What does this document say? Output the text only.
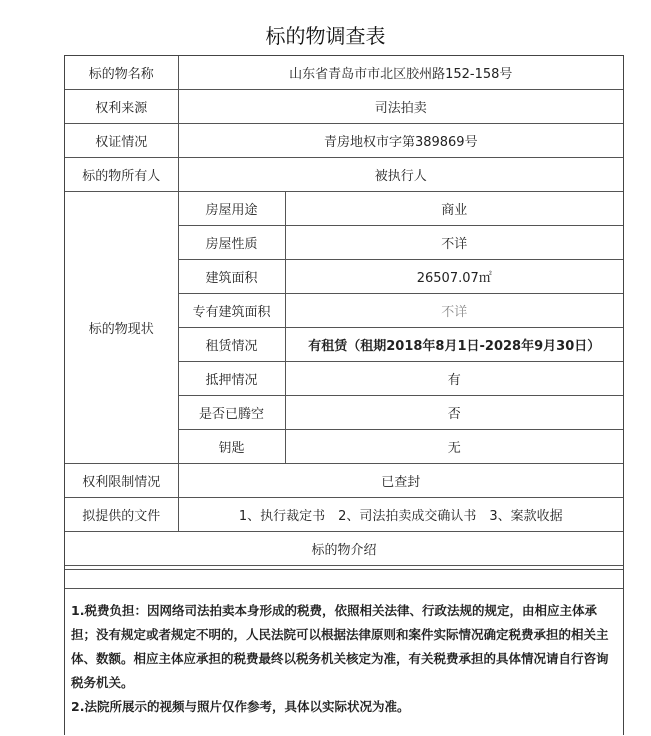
标的物调查表
标的物名称	山东省青岛市市北区胶州路152-158号	
权利来源	司法拍卖	
权证情况	青房地权市字第389869号	
标的物所有人	被执行人	
标的物现状	房屋用途	商业
	房屋性质	不详
	建筑面积	26507.07㎡
	专有建筑面积	不详
	租赁情况	有租赁（租期2018年8月1日-2028年9月30日）
	抵押情况	有
	是否已腾空	否
	钥匙	无
权利限制情况	已查封	
拟提供的文件	1、执行裁定书　2、司法拍卖成交确认书　3、案款收据	
标的物介绍		

1.税费负担：因网络司法拍卖本身形成的税费，依照相关法律、行政法规的规定，由相应主体承担；没有规定或者规定不明的，人民法院可以根据法律原则和案件实际情况确定税费承担的相关主体、数额。相应主体应承担的税费最终以税务机关核定为准，有关税费承担的具体情况请自行咨询税务机关。

2.法院所展示的视频与照片仅作参考，具体以实际状况为准。
